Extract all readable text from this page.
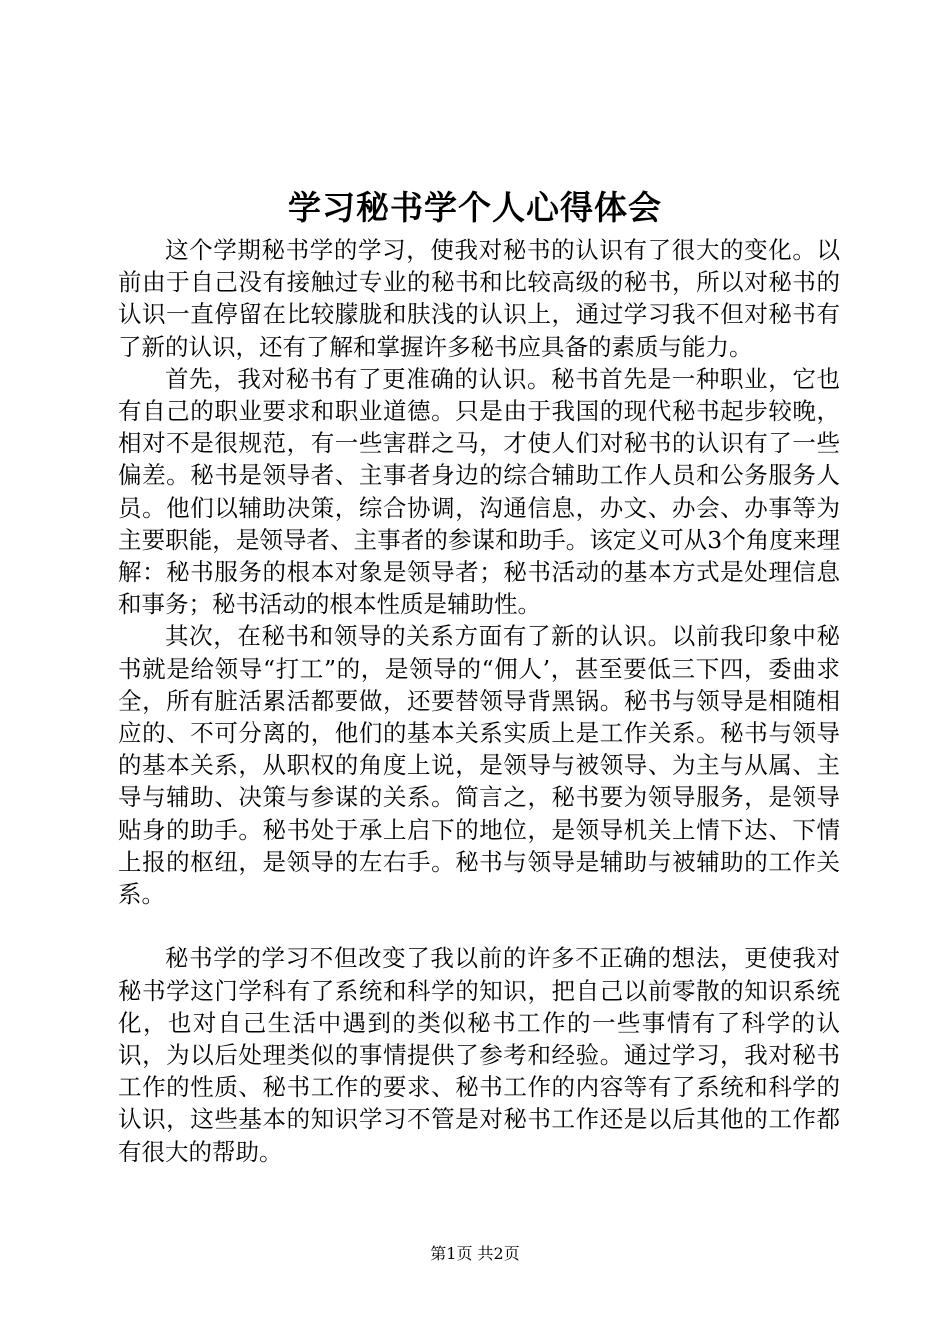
学习秘书学个人心得体会

这个学期秘书学的学习，使我对秘书的认识有了很大的变化。以前由于自己没有接触过专业的秘书和比较高级的秘书，所以对秘书的认识一直停留在比较朦胧和肤浅的认识上，通过学习我不但对秘书有了新的认识，还有了解和掌握许多秘书应具备的素质与能力。

首先，我对秘书有了更准确的认识。秘书首先是一种职业，它也有自己的职业要求和职业道德。只是由于我国的现代秘书起步较晚，相对不是很规范，有一些害群之马，才使人们对秘书的认识有了一些偏差。秘书是领导者、主事者身边的综合辅助工作人员和公务服务人员。他们以辅助决策，综合协调，沟通信息，办文、办会、办事等为主要职能，是领导者、主事者的参谋和助手。该定义可从3个角度来理解：秘书服务的根本对象是领导者；秘书活动的基本方式是处理信息和事务；秘书活动的根本性质是辅助性。

其次，在秘书和领导的关系方面有了新的认识。以前我印象中秘书就是给领导“打工”的，是领导的“佣人’，甚至要低三下四，委曲求全，所有脏活累活都要做，还要替领导背黑锅。秘书与领导是相随相应的、不可分离的，他们的基本关系实质上是工作关系。秘书与领导的基本关系，从职权的角度上说，是领导与被领导、为主与从属、主导与辅助、决策与参谋的关系。简言之，秘书要为领导服务，是领导贴身的助手。秘书处于承上启下的地位，是领导机关上情下达、下情上报的枢纽，是领导的左右手。秘书与领导是辅助与被辅助的工作关系。

秘书学的学习不但改变了我以前的许多不正确的想法，更使我对秘书学这门学科有了系统和科学的知识，把自己以前零散的知识系统化，也对自己生活中遇到的类似秘书工作的一些事情有了科学的认识，为以后处理类似的事情提供了参考和经验。通过学习，我对秘书工作的性质、秘书工作的要求、秘书工作的内容等有了系统和科学的认识，这些基本的知识学习不管是对秘书工作还是以后其他的工作都有很大的帮助。

第1页 共2页
